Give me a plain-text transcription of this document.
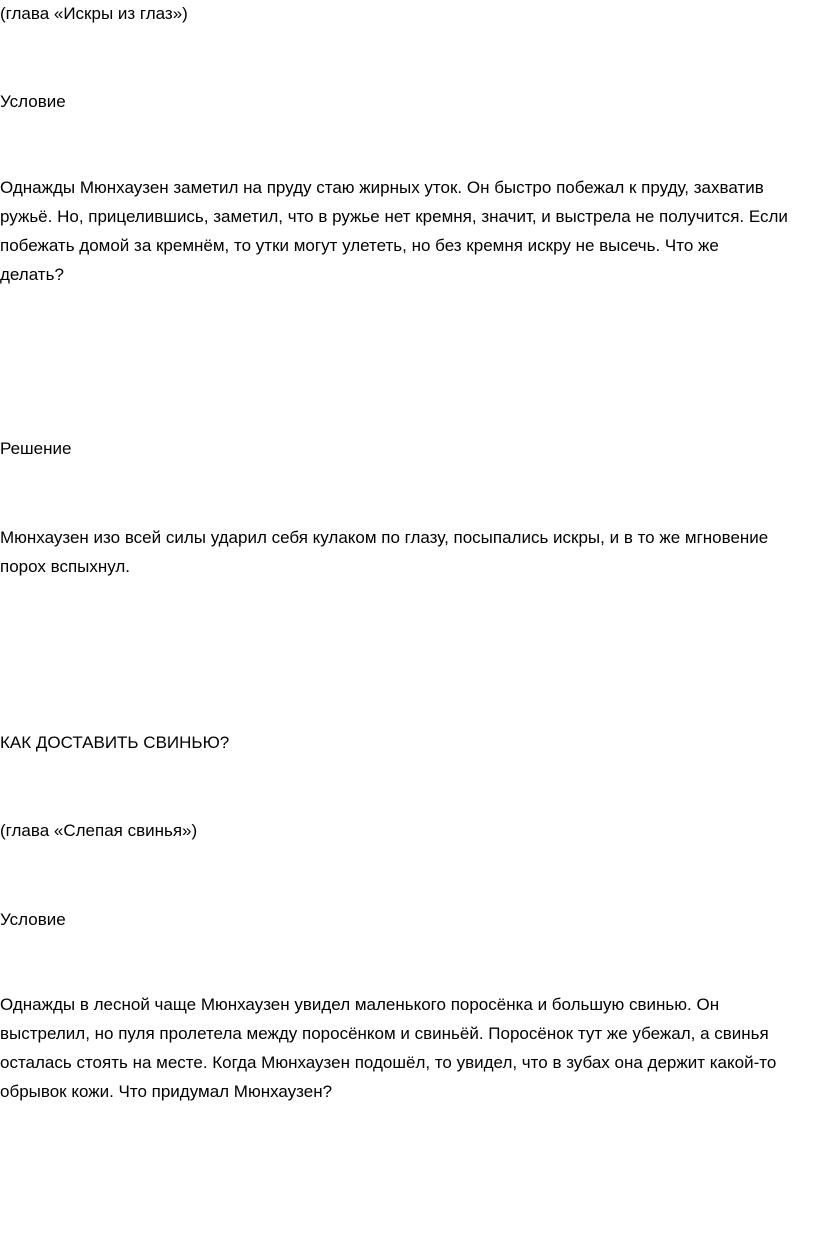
(глава «Искры из глаз»)

Условие

Однажды Мюнхаузен заметил на пруду стаю жирных уток. Он быстро побежал к пруду, захватив
ружьё. Но, прицелившись, заметил, что в ружье нет кремня, значит, и выстрела не получится. Если
побежать домой за кремнём, то утки могут улететь, но без кремня искру не высечь. Что же
делать?

Решение

Мюнхаузен изо всей силы ударил себя кулаком по глазу, посыпались искры, и в то же мгновение
порох вспыхнул.

КАК ДОСТАВИТЬ СВИНЬЮ?

(глава «Слепая свинья»)

Условие

Однажды в лесной чаще Мюнхаузен увидел маленького поросёнка и большую свинью. Он
выстрелил, но пуля пролетела между поросёнком и свиньёй. Поросёнок тут же убежал, а свинья
осталась стоять на месте. Когда Мюнхаузен подошёл, то увидел, что в зубах она держит какой-то
обрывок кожи. Что придумал Мюнхаузен?
